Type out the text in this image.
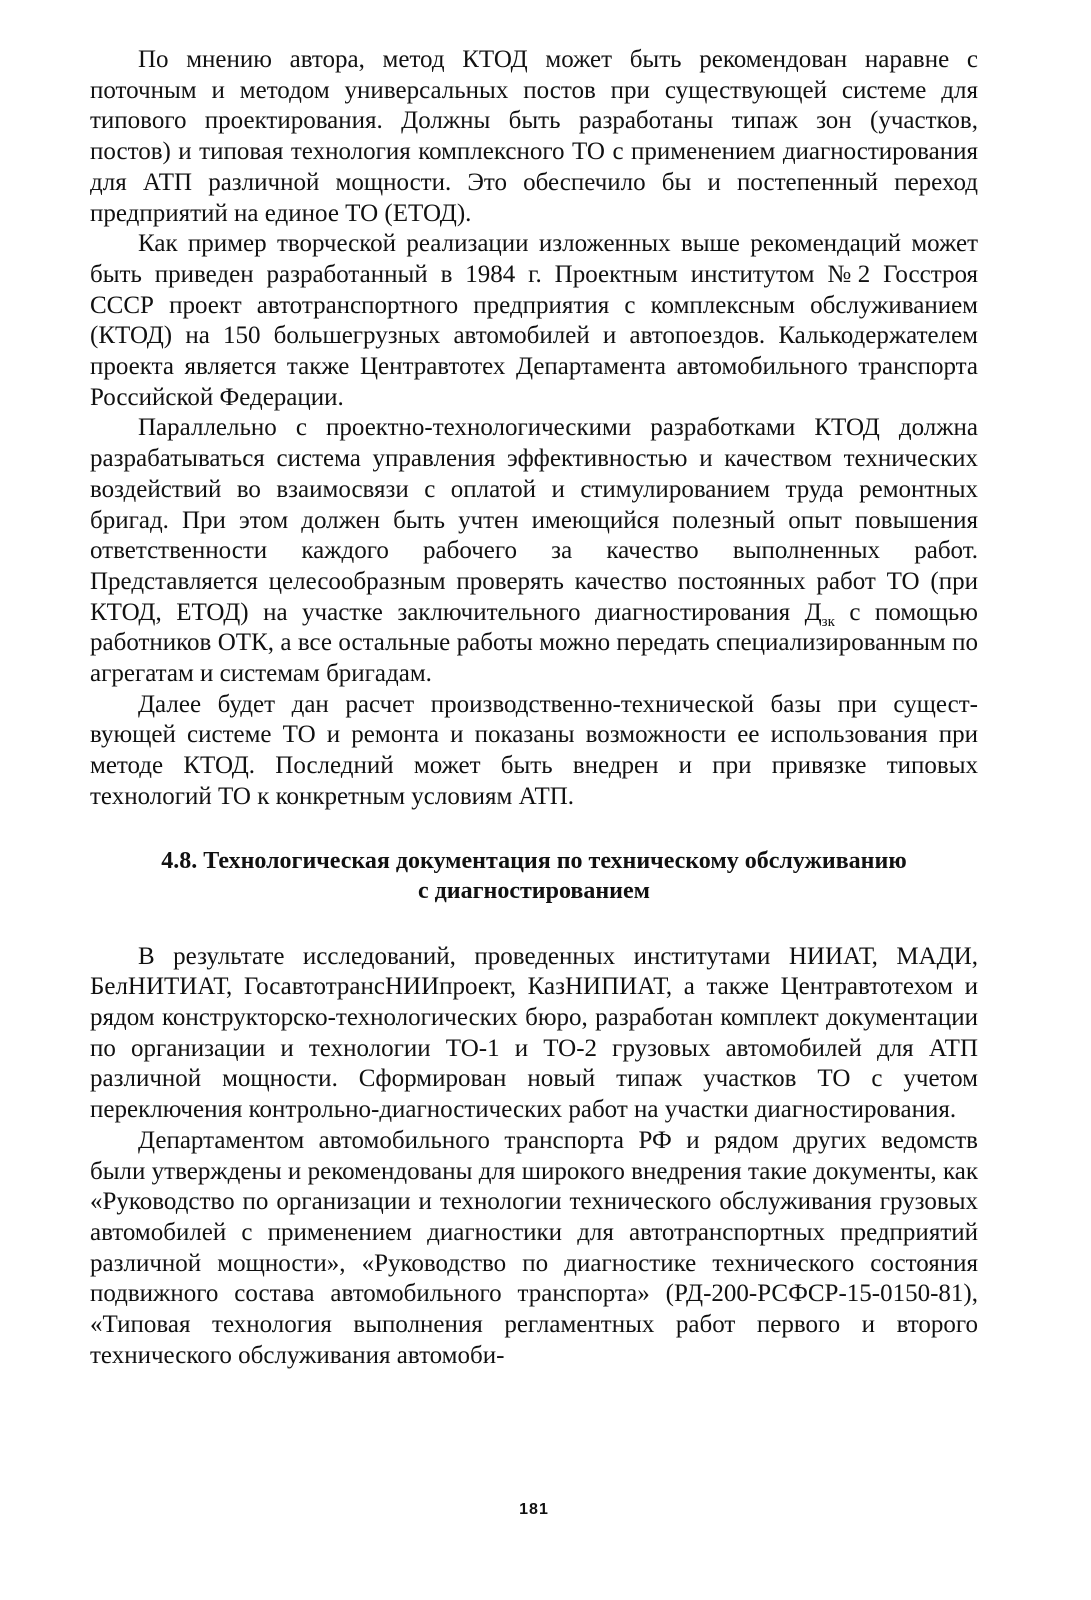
По мнению автора, метод КТОД может быть рекомендован наравне с поточным и методом универсальных постов при существующей системе для типового проектирования. Должны быть разработаны типаж зон (участков, постов) и типовая технология комплексного ТО с применением диагностирования для АТП различной мощности. Это обеспечило бы и постепенный переход предприятий на единое ТО (ЕТОД).

Как пример творческой реализации изложенных выше рекомендаций может быть приведен разработанный в 1984 г. Проектным институтом №2 Госстроя СССР проект автотранспортного предприятия с комплексным обслуживанием (КТОД) на 150 большегрузных автомобилей и автопоездов. Калькодержателем проекта является также Центравтотех Департамента автомобильного транспорта Российской Федерации.

Параллельно с проектно-технологическими разработками КТОД должна разрабатываться система управления эффективностью и качеством технических воздействий во взаимосвязи с оплатой и стимулированием труда ремонтных бригад. При этом должен быть учтен имеющийся полезный опыт повышения ответственности каждого рабочего за качество выполненных работ. Представляется целесообразным проверять качество постоянных работ ТО (при КТОД, ЕТОД) на участке заключительного диагностирования $Д_{зк}$ с помощью работников ОТК, а все остальные работы можно передать специализированным по агрегатам и системам бригадам.

Далее будет дан расчет производственно-технической базы при существующей системе ТО и ремонта и показаны возможности ее использования при методе КТОД. Последний может быть внедрен и при привязке типовых технологий ТО к конкретным условиям АТП.

4.8. Технологическая документация по техническому обслуживанию
с диагностированием

В результате исследований, проведенных институтами НИИАТ, МАДИ, БелНИТИАТ, ГосавтотрансНИИпроект, КазНИПИАТ, а также Центравтотехом и рядом конструкторско-технологических бюро, разработан комплект документации по организации и технологии ТО-1 и ТО-2 грузовых автомобилей для АТП различной мощности. Сформирован новый типаж участков ТО с учетом переключения контрольно-диагностических работ на участки диагностирования.

Департаментом автомобильного транспорта РФ и рядом других ведомств были утверждены и рекомендованы для широкого внедрения такие документы, как «Руководство по организации и технологии технического обслуживания грузовых автомобилей с применением диагностики для автотранспортных предприятий различной мощности», «Руководство по диагностике технического состояния подвижного состава автомобильного транспорта» (РД-200-РСФСР-15-0150-81), «Типовая технология выполнения регламентных работ первого и второго технического обслуживания автомоби-

181
